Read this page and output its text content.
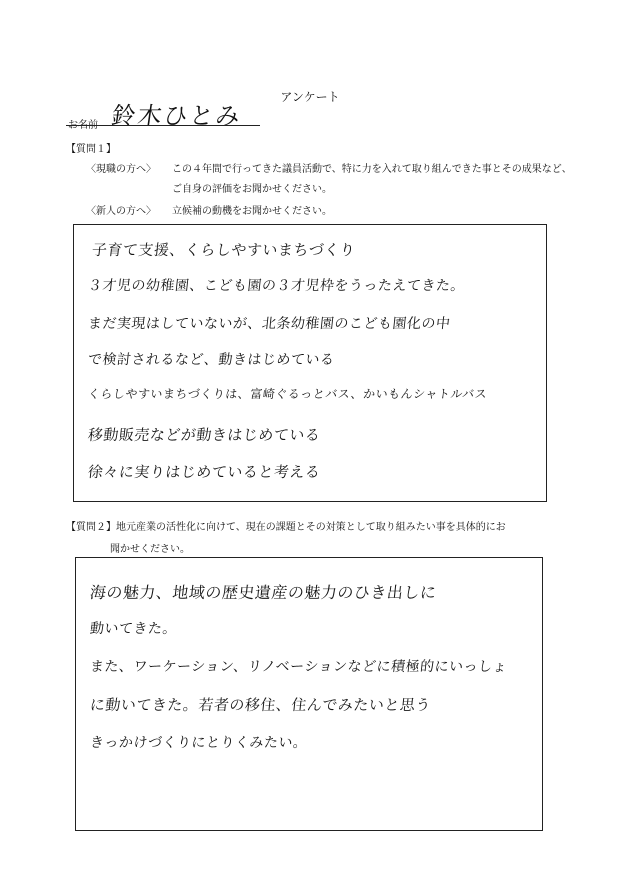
アンケート
お名前 鈴木ひとみ
【質問１】
〈現職の方へ〉 この４年間で行ってきた議員活動で、特に力を入れて取り組んできた事とその成果など、ご自身の評価をお聞かせください。
〈新人の方へ〉 立候補の動機をお聞かせください。
子育て支援、くらしやすいまちづくり
３才児の幼稚園、こども園の３才児枠をうったえてきた。
まだ実現はしていないが、北条幼稚園のこども園化の中
で検討されるなど、動きはじめている
くらしやすいまちづくりは、富崎ぐるっとバス、かいもんシャトルバス
移動販売などが動きはじめている
徐々に実りはじめていると考える
【質問２】地元産業の活性化に向けて、現在の課題とその対策として取り組みたい事を具体的にお
聞かせください。
海の魅力、地域の歴史遺産の魅力のひき出しに
動いてきた。
また、ワーケーション、リノベーションなどに積極的にいっしょ
に動いてきた。若者の移住、住んでみたいと思う
きっかけづくりにとりくみたい。
